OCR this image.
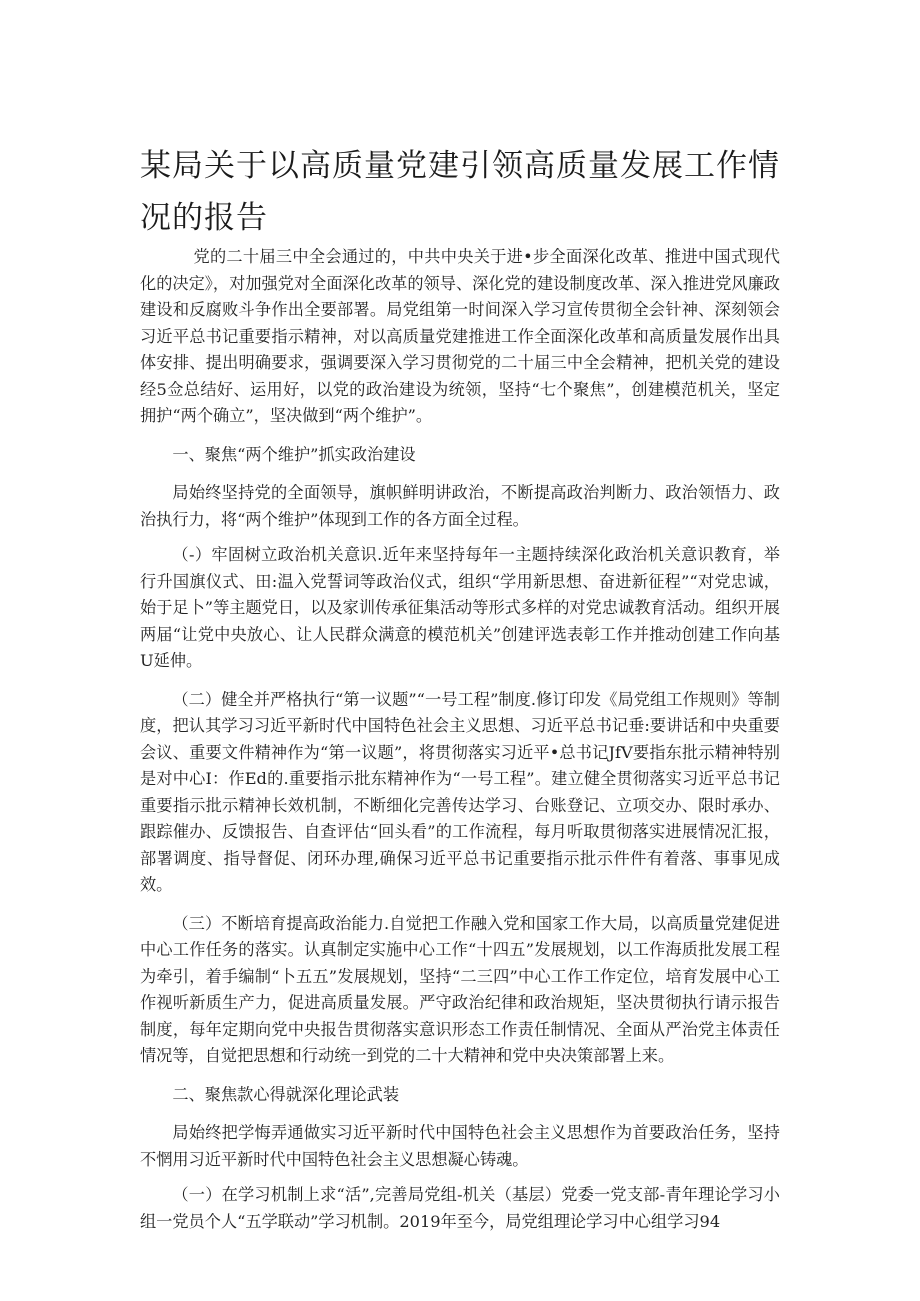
某局关于以高质量党建引领高质量发展工作情况的报告

党的二十届三中全会通过的，中共中央关于进•步全面深化改革、推进中国式现代化的决定》，对加强党对全面深化改革的领导、深化党的建设制度改革、深入推进党风廉政建设和反腐败斗争作出全要部署。局党组第一时间深入学习宣传贯彻全会针神、深刻领会习近平总书记重要指示精神，对以高质量党建推进工作全面深化改革和高质量发展作出具体安排、提出明确要求，强调要深入学习贯彻党的二十届三中全会精神，把机关党的建设经5佥总结好、运用好，以党的政治建设为统领，坚持“七个聚焦”，创建模范机关，坚定拥护“两个确立”，坚决做到“两个维护”。

一、聚焦“两个维护”抓实政治建设

局始终坚持党的全面领导，旗帜鲜明讲政治，不断提高政治判断力、政治领悟力、政治执行力，将“两个维护”体现到工作的各方面全过程。

（-）牢固树立政治机关意识.近年来坚持每年一主题持续深化政治机关意识教育，举行升国旗仪式、田:温入党誓词等政治仪式，组织“学用新思想、奋进新征程”“对党忠诚，始于足卜”等主题党日，以及家训传承征集活动等形式多样的对党忠诚教育活动。组织开展两届“让党中央放心、让人民群众满意的模范机关”创建评选表彰工作并推动创建工作向基U延伸。

（二）健全并严格执行“第一议题”“一号工程”制度.修订印发《局党组工作规则》等制度，把认其学习习近平新时代中国特色社会主义思想、习近平总书记垂:要讲话和中央重要会议、重要文件精神作为“第一议题”，将贯彻落实习近平•总书记JfV要指东批示精神特别是对中心I：作Ed的.重要指示批东精神作为“一号工程”。建立健全贯彻落实习近平总书记重要指示批示精神长效机制，不断细化完善传达学习、台账登记、立项交办、限时承办、跟踪催办、反馈报告、自查评估“回头看”的工作流程，每月听取贯彻落实进展情况汇报，部署调度、指导督促、闭环办理,确保习近平总书记重要指示批示件件有着落、事事见成效。

（三）不断培育提高政治能力.自觉把工作融入党和国家工作大局，以高质量党建促进中心工作任务的落实。认真制定实施中心工作“十四五”发展规划，以工作海质批发展工程为牵引，着手编制“卜五五”发展规划，坚持“二三四”中心工作工作定位，培育发展中心工作视听新质生产力，促进高质量发展。严守政治纪律和政治规矩，坚决贯彻执行请示报告制度，每年定期向党中央报告贯彻落实意识形态工作责任制情况、全面从严治党主体责任情况等，自觉把思想和行动统一到党的二十大精神和党中央决策部署上来。

二、聚焦款心得就深化理论武装

局始终把学悔弄通做实习近平新时代中国特色社会主义思想作为首要政治任务，坚持不惘用习近平新时代中国特色社会主义思想凝心铸魂。

（一）在学习机制上求“活”,完善局党组-机关（基层）党委一党支部-青年理论学习小组一党员个人“五学联动”学习机制。2019年至今，局党组理论学习中心组学习94
